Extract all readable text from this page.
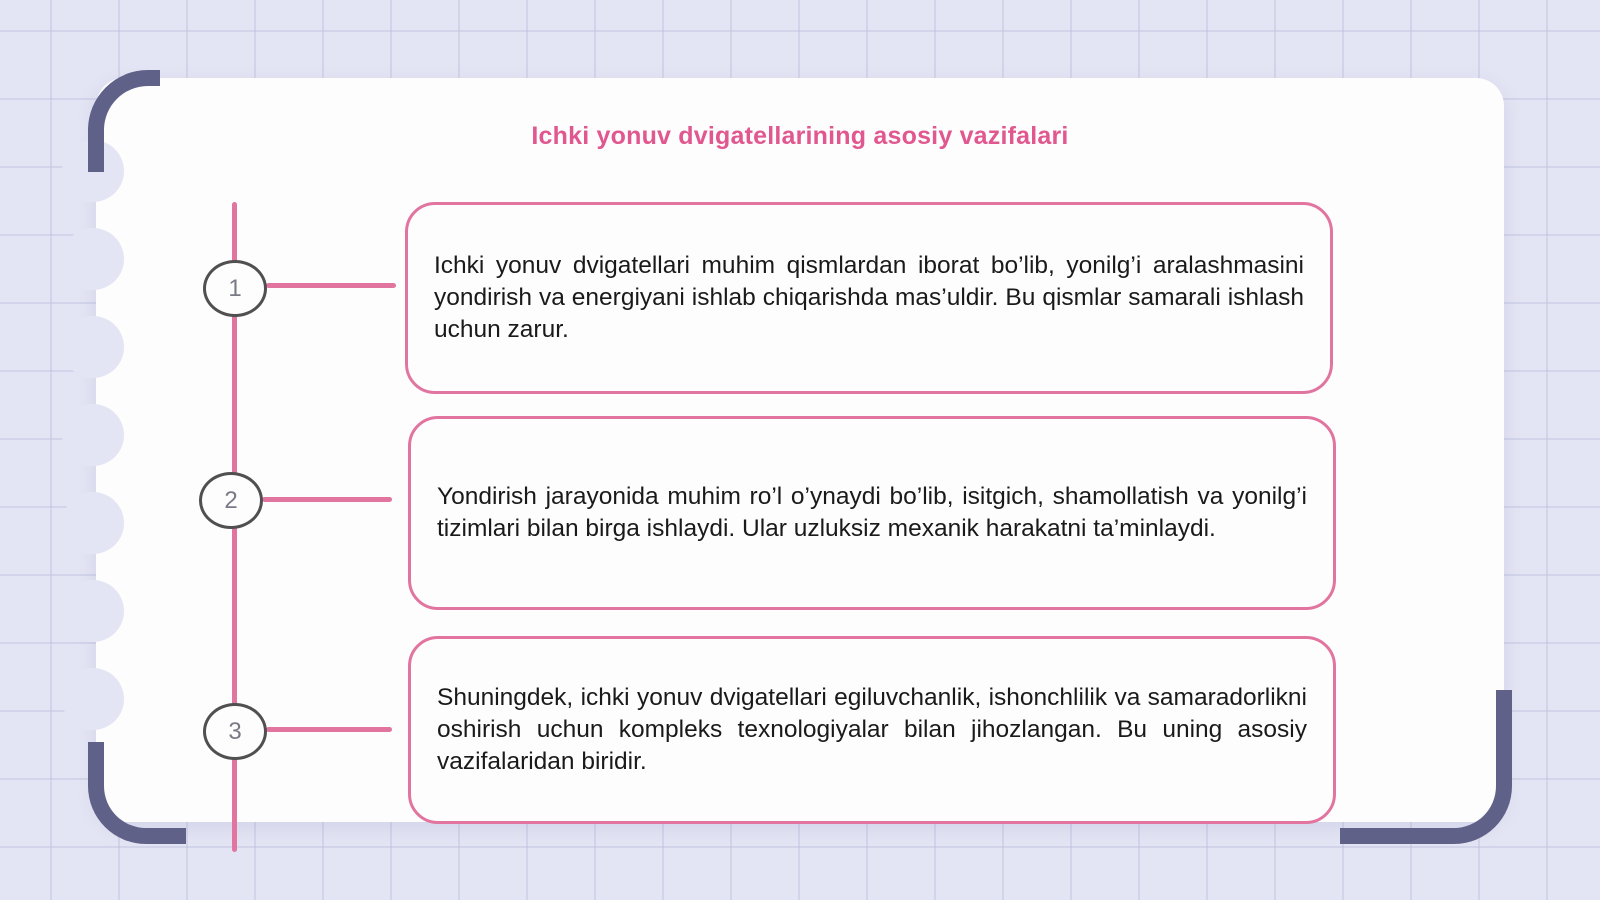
Ichki yonuv dvigatellarining asosiy vazifalari
1

Ichki yonuv dvigatellari muhim qismlardan iborat bo’lib, yonilg’i aralashmasini yondirish va energiyani ishlab chiqarishda mas’uldir. Bu qismlar samarali ishlash uchun zarur.

2	Yondirish jarayonida muhim ro’l o’ynaydi bo’lib, isitgich, shamollatish va yonilg’i tizimlari bilan birga ishlaydi. Ular uzluksiz mexanik harakatni ta’minlaydi.

3

Shuningdek, ichki yonuv dvigatellari egiluvchanlik, ishonchlilik va samaradorlikni oshirish uchun kompleks texnologiyalar bilan jihozlangan. Bu uning asosiy vazifalaridan biridir.
